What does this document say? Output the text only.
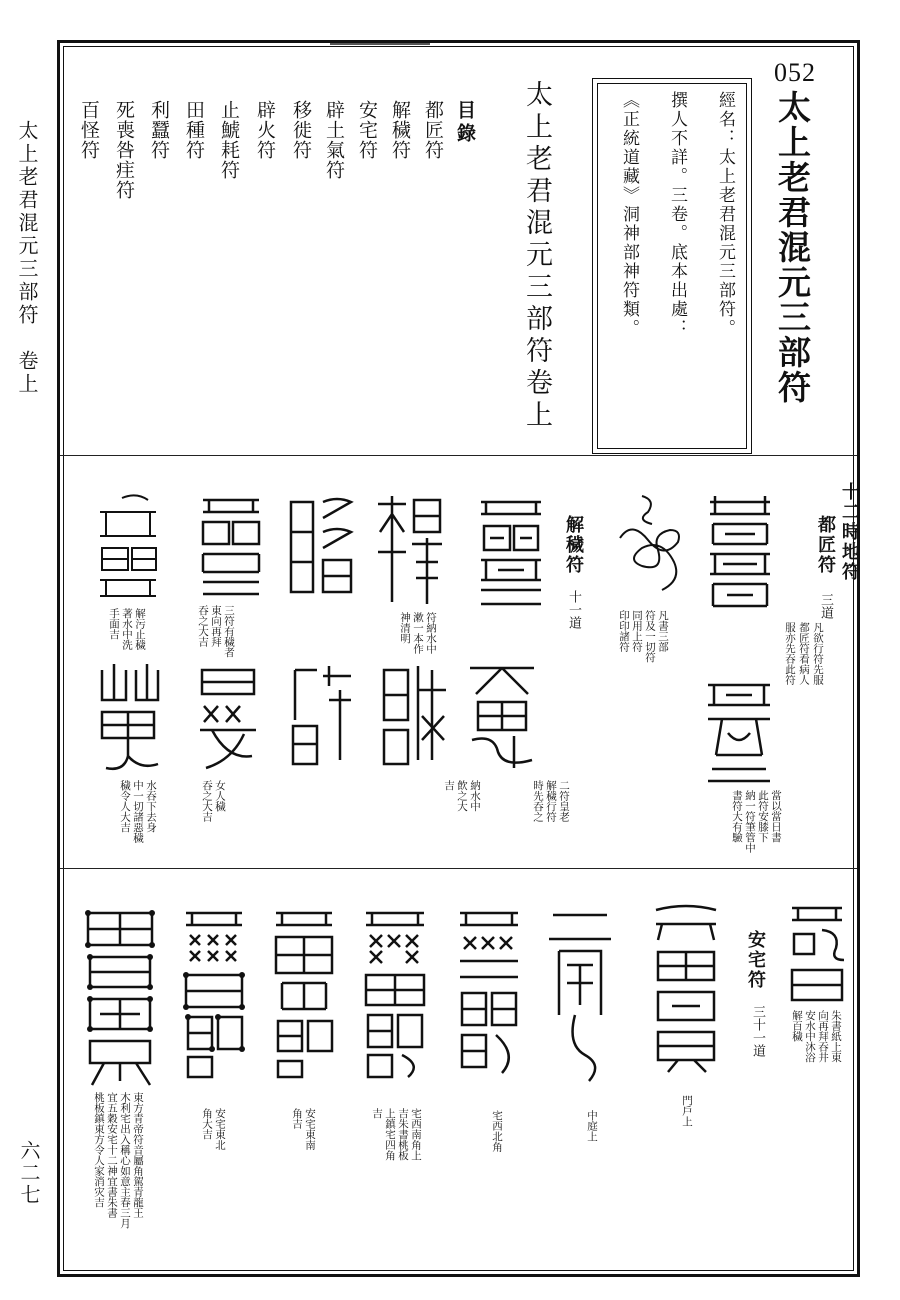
太上老君混元三部符　卷上
六二七
052
太上老君混元三部符
經名：太上老君混元三部符。
撰人不詳。三卷。底本出處：
《正統道藏》洞神部神符類。
太上老君混元三部符卷上
目錄
都匠符
解穢符
安宅符
辟土氣符
移徙符
辟火符
止鯱耗符
田種符
利蠶符
死喪咎疰符
百怪符
十二時地符
都匠符
三道
解穢符
十一道
凡欲行符先服
都匠符看病人
服亦先吞此符
凡書三部
符及一切符
同用上符
印印諸符
符納水中
漱一本作
神清明
三符有穢者
東向再拜
吞之大吉
解污止穢
著水中洗
手面吉
當以當日書
此符安膝下
納一符筆管中
書符大有驗
二符皇老
解穢行符
時先吞之
納水中
飲之大
吉
女人穢
吞之大吉
水吞下去身
中一切諸惡穢
穢令人大吉
安宅符
三十一道	朱書紙上東
向再拜吞井
安水中沐浴
解百穢
門戶上
中庭上
宅西北角
宅西南角上
吉朱書桃板
上鎮宅四角
吉
安宅東南
角吉
安宅東北
角大吉
東方青帝符音屬角駕青龍王
木利宅出入稱心如意主春三月
宜五穀安宅十二神宜書朱書
桃板鎮東方令人家消灾吉
